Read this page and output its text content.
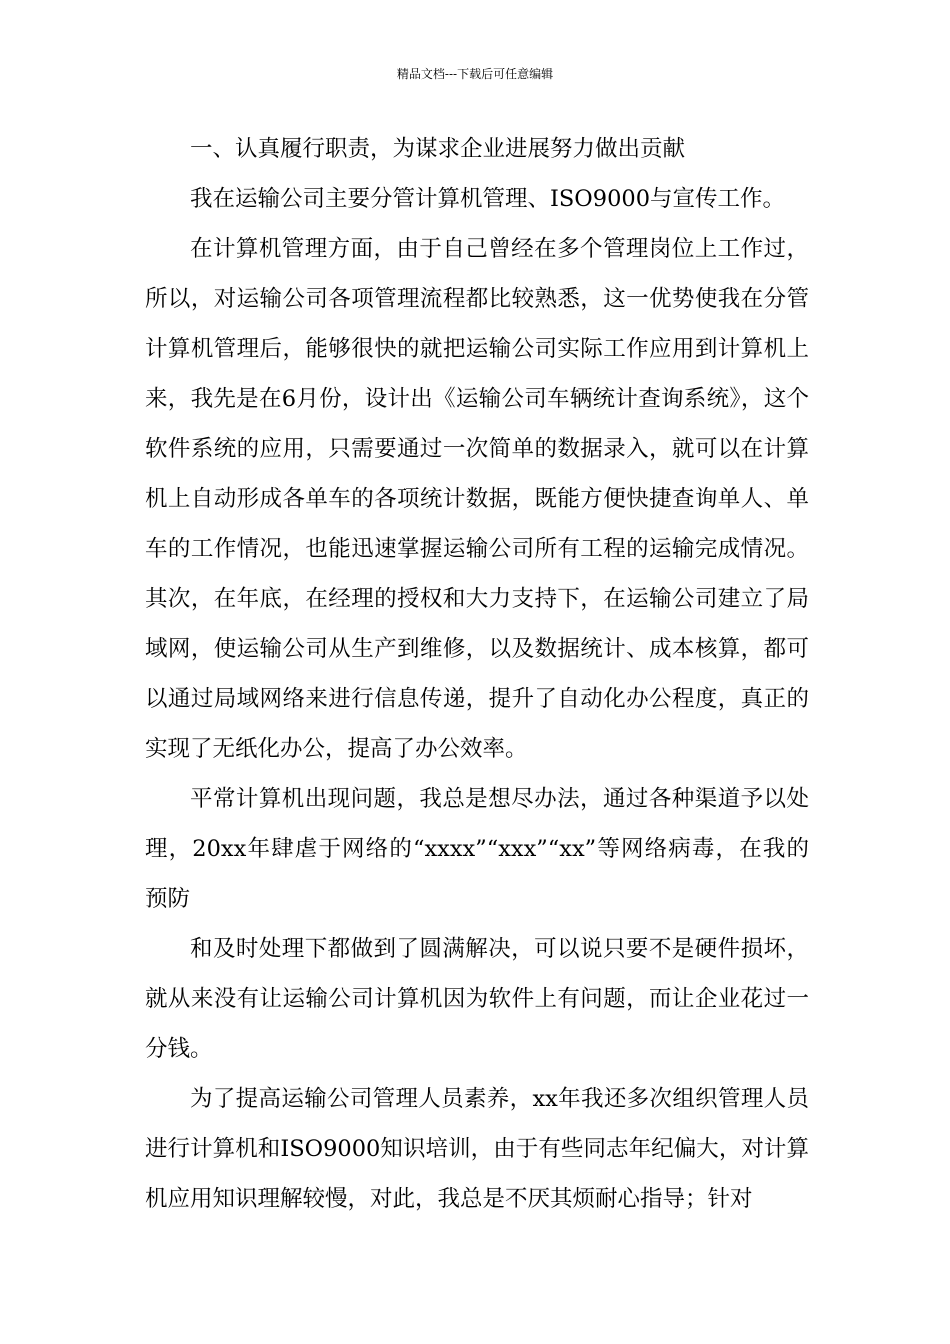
精品文档---下载后可任意编辑

一、认真履行职责，为谋求企业进展努力做出贡献

我在运输公司主要分管计算机管理、ISO9000与宣传工作。

在计算机管理方面，由于自己曾经在多个管理岗位上工作过，所以，对运输公司各项管理流程都比较熟悉，这一优势使我在分管计算机管理后，能够很快的就把运输公司实际工作应用到计算机上来，我先是在6月份，设计出《运输公司车辆统计查询系统》，这个软件系统的应用，只需要通过一次简单的数据录入，就可以在计算机上自动形成各单车的各项统计数据，既能方便快捷查询单人、单车的工作情况，也能迅速掌握运输公司所有工程的运输完成情况。其次，在年底，在经理的授权和大力支持下，在运输公司建立了局域网，使运输公司从生产到维修，以及数据统计、成本核算，都可以通过局域网络来进行信息传递，提升了自动化办公程度，真正的实现了无纸化办公，提高了办公效率。

平常计算机出现问题，我总是想尽办法，通过各种渠道予以处理，20xx年肆虐于网络的“xxxx”“xxx”“xx”等网络病毒，在我的预防

和及时处理下都做到了圆满解决，可以说只要不是硬件损坏，就从来没有让运输公司计算机因为软件上有问题，而让企业花过一分钱。

为了提高运输公司管理人员素养，xx年我还多次组织管理人员进行计算机和ISO9000知识培训，由于有些同志年纪偏大，对计算机应用知识理解较慢，对此，我总是不厌其烦耐心指导；针对
